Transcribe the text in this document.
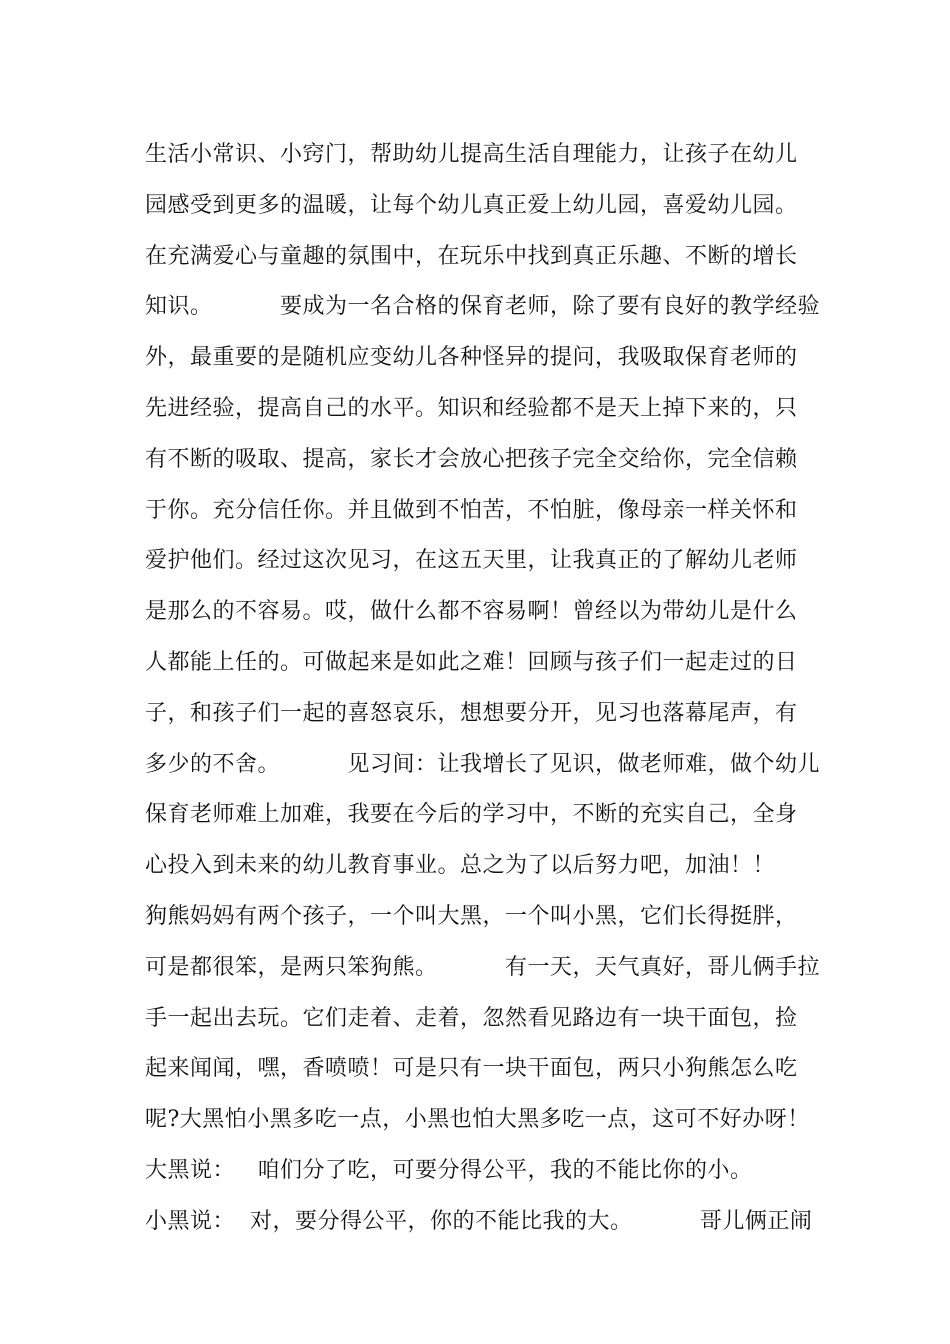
生活小常识、小窍门，帮助幼儿提高生活自理能力，让孩子在幼儿
园感受到更多的温暖，让每个幼儿真正爱上幼儿园，喜爱幼儿园。
在充满爱心与童趣的氛围中，在玩乐中找到真正乐趣、不断的增长
知识。         要成为一名合格的保育老师，除了要有良好的教学经验
外，最重要的是随机应变幼儿各种怪异的提问，我吸取保育老师的
先进经验，提高自己的水平。知识和经验都不是天上掉下来的，只
有不断的吸取、提高，家长才会放心把孩子完全交给你，完全信赖
于你。充分信任你。并且做到不怕苦，不怕脏，像母亲一样关怀和
爱护他们。经过这次见习，在这五天里，让我真正的了解幼儿老师
是那么的不容易。哎，做什么都不容易啊！曾经以为带幼儿是什么
人都能上任的。可做起来是如此之难！回顾与孩子们一起走过的日
子，和孩子们一起的喜怒哀乐，想想要分开，见习也落幕尾声，有
多少的不舍。         见习间：让我增长了见识，做老师难，做个幼儿
保育老师难上加难，我要在今后的学习中，不断的充实自己，全身
心投入到未来的幼儿教育事业。总之为了以后努力吧，加油！！
狗熊妈妈有两个孩子，一个叫大黑，一个叫小黑，它们长得挺胖，
可是都很笨，是两只笨狗熊。         有一天，天气真好，哥儿俩手拉
手一起出去玩。它们走着、走着，忽然看见路边有一块干面包，捡
起来闻闻，嘿，香喷喷！可是只有一块干面包，两只小狗熊怎么吃
呢?大黑怕小黑多吃一点，小黑也怕大黑多吃一点，这可不好办呀！
大黑说：   咱们分了吃，可要分得公平，我的不能比你的小。
小黑说：  对，要分得公平，你的不能比我的大。         哥儿俩正闹
